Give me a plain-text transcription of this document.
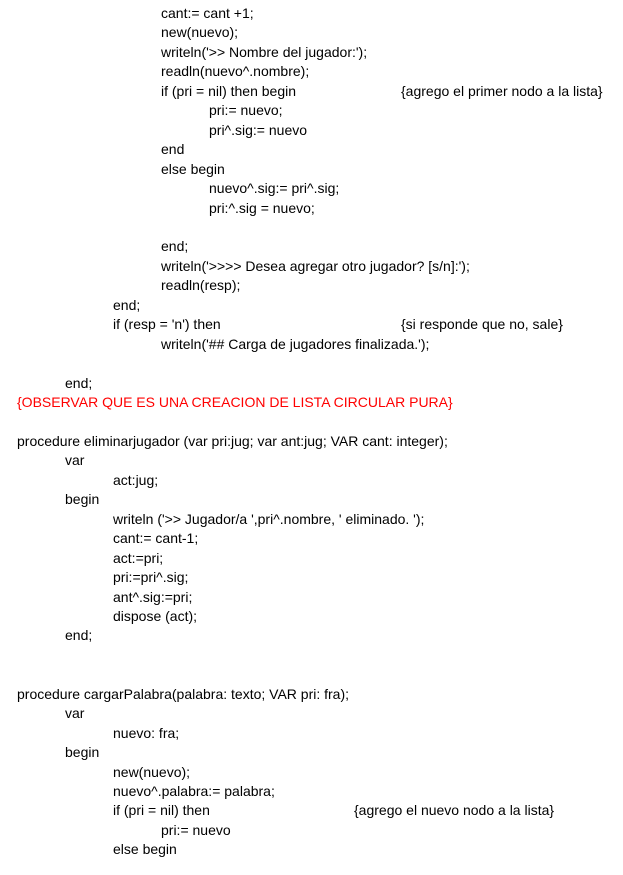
cant:= cant +1;
new(nuevo);
writeln('>> Nombre del jugador:');
readln(nuevo^.nombre);
if (pri = nil) then begin	{agrego el primer nodo a la lista}
pri:= nuevo;
pri^.sig:= nuevo
end
else begin
nuevo^.sig:= pri^.sig;
pri:^.sig = nuevo;
end;
writeln('>>>> Desea agregar otro jugador? [s/n]:');
readln(resp);
end;
if (resp = 'n') then	{si responde que no, sale}
writeln('## Carga de jugadores finalizada.');
end;
{OBSERVAR QUE ES UNA CREACION DE LISTA CIRCULAR PURA}
procedure eliminarjugador (var pri:jug; var ant:jug; VAR cant: integer);
var
act:jug;
begin
writeln ('>> Jugador/a ',pri^.nombre, ' eliminado. ');
cant:= cant-1;
act:=pri;
pri:=pri^.sig;
ant^.sig:=pri;
dispose (act);
end;
procedure cargarPalabra(palabra: texto; VAR pri: fra);
var
nuevo: fra;
begin
new(nuevo);
nuevo^.palabra:= palabra;
if (pri = nil) then	{agrego el nuevo nodo a la lista}
pri:= nuevo
else begin
